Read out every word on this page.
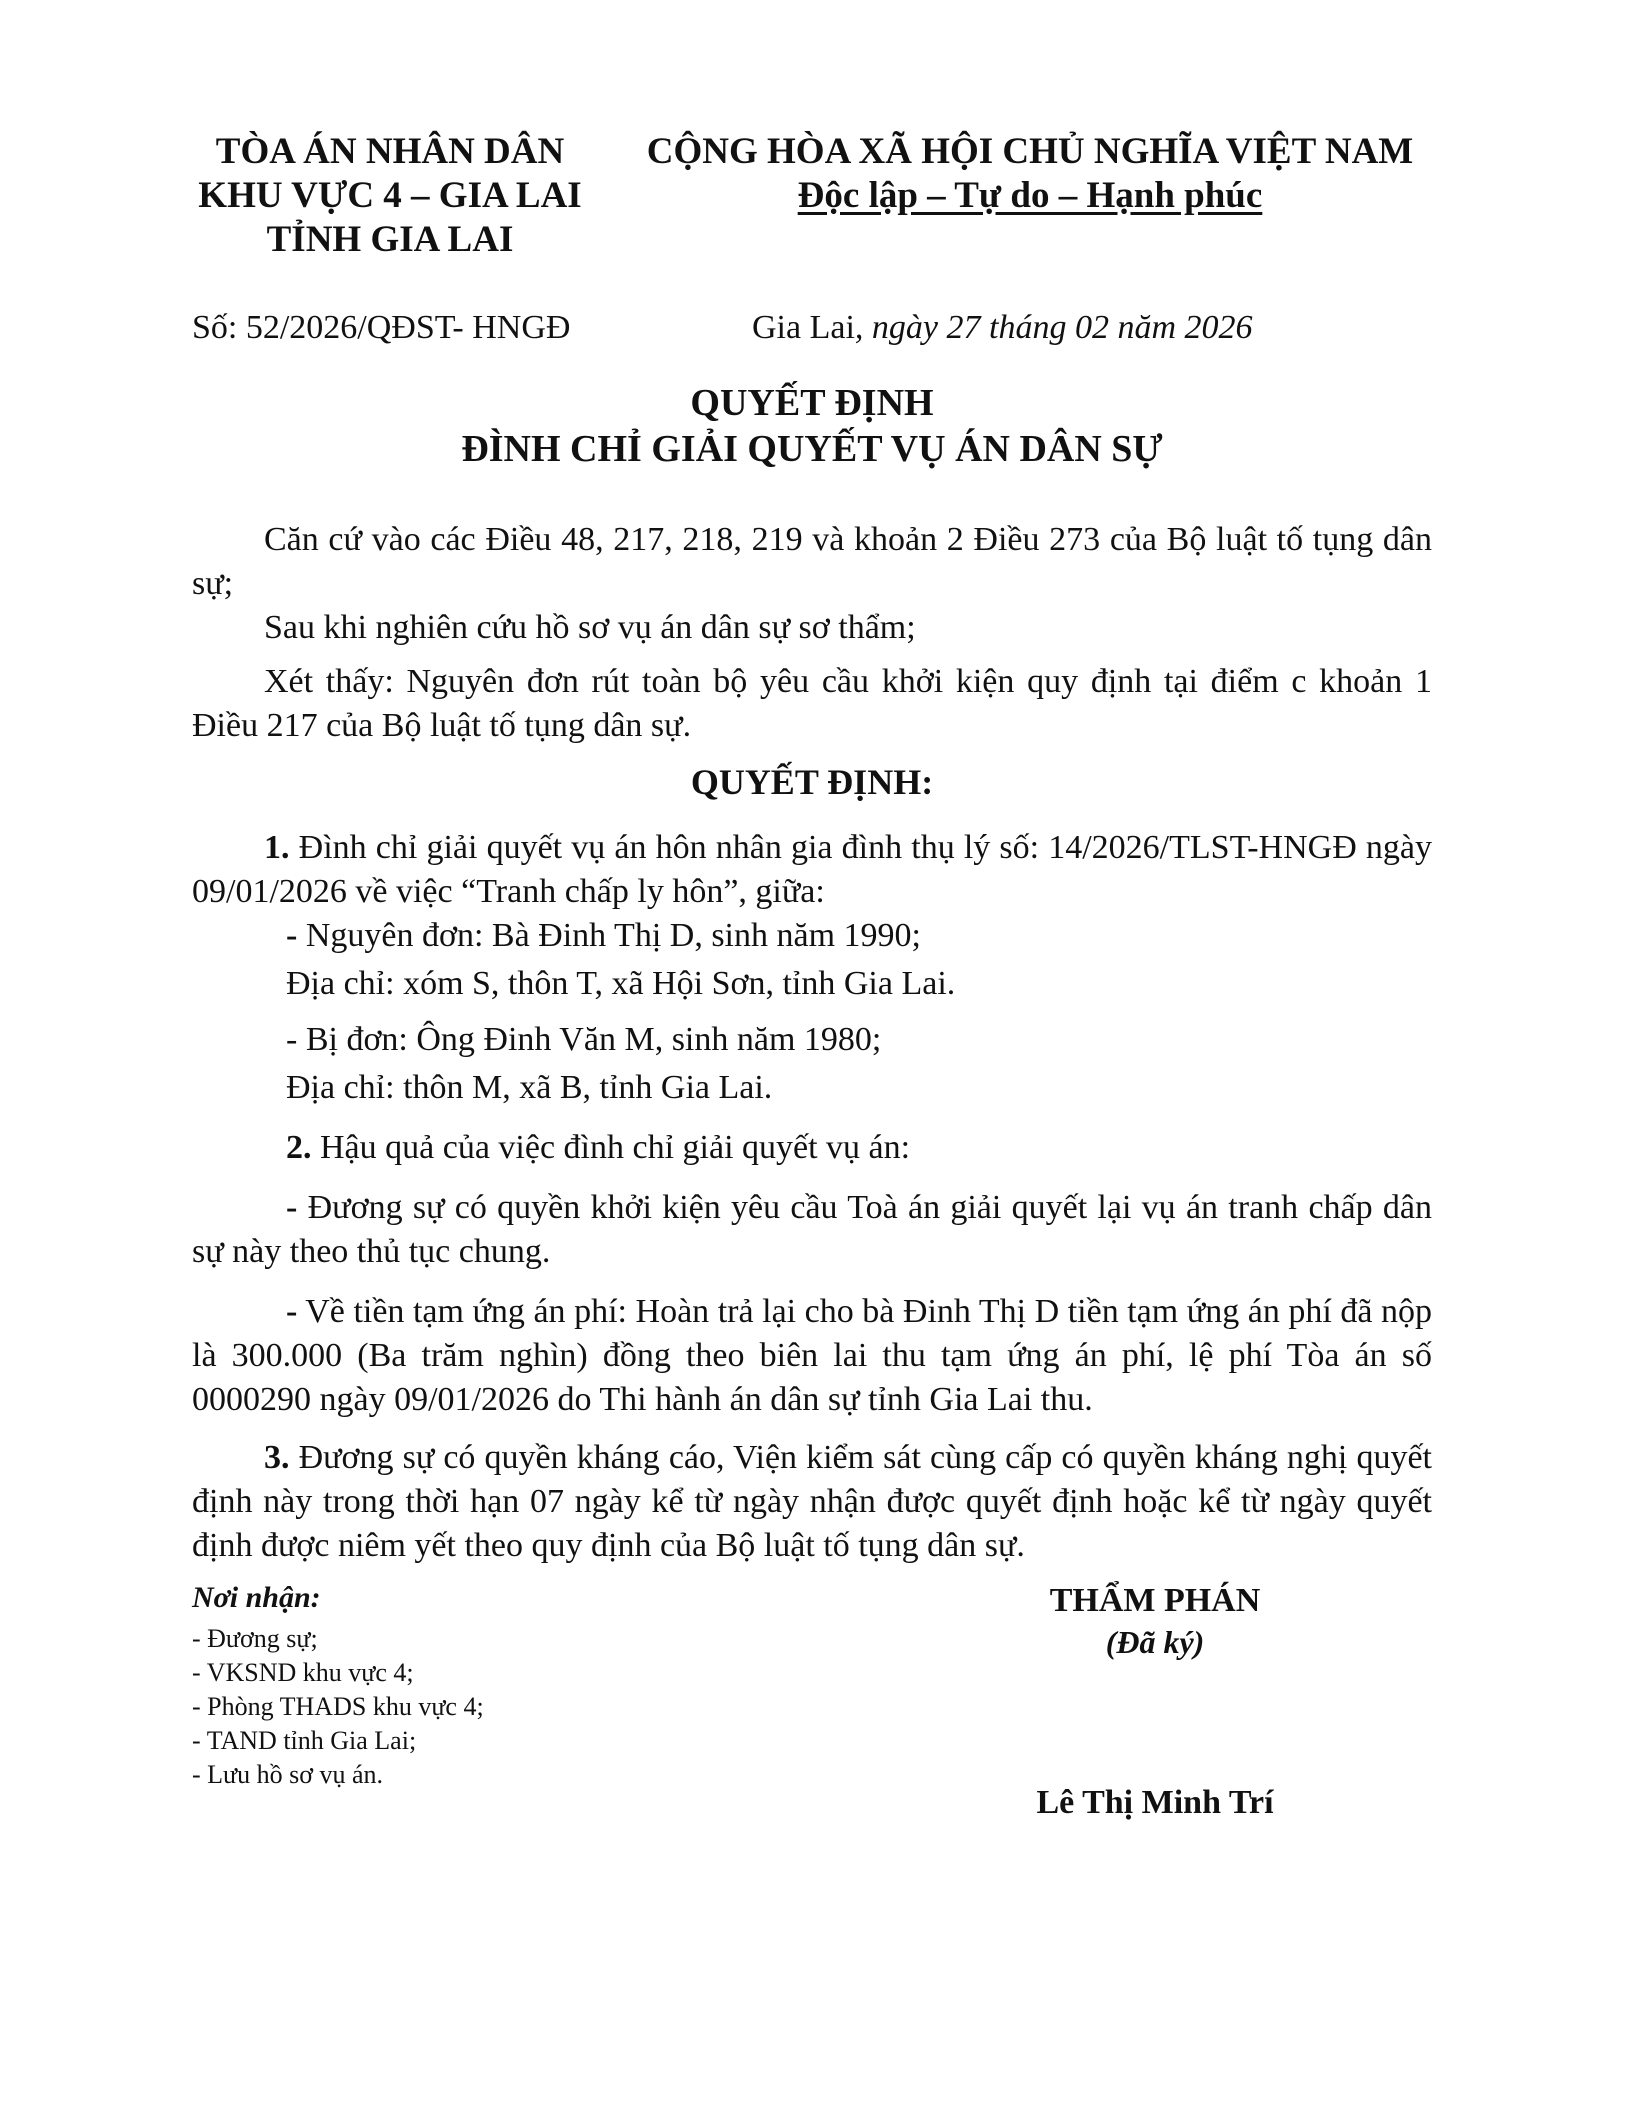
TÒA ÁN NHÂN DÂN
KHU VỰC 4 – GIA LAI
TỈNH GIA LAI
CỘNG HÒA XÃ HỘI CHỦ NGHĨA VIỆT NAM
Độc lập – Tự do – Hạnh phúc
Số: 52/2026/QĐST- HNGĐ	Gia Lai, ngày 27 tháng 02 năm 2026
QUYẾT ĐỊNH
ĐÌNH CHỈ GIẢI QUYẾT VỤ ÁN DÂN SỰ
Căn cứ vào các Điều 48, 217, 218, 219 và khoản 2 Điều 273 của Bộ luật tố tụng dân sự;
Sau khi nghiên cứu hồ sơ vụ án dân sự sơ thẩm;
Xét thấy: Nguyên đơn rút toàn bộ yêu cầu khởi kiện quy định tại điểm c khoản 1 Điều 217 của Bộ luật tố tụng dân sự.
QUYẾT ĐỊNH:
1. Đình chỉ giải quyết vụ án hôn nhân gia đình thụ lý số: 14/2026/TLST-HNGĐ ngày 09/01/2026 về việc “Tranh chấp ly hôn”, giữa:
- Nguyên đơn: Bà Đinh Thị D, sinh năm 1990;
Địa chỉ: xóm S, thôn T, xã Hội Sơn, tỉnh Gia Lai.
- Bị đơn: Ông Đinh Văn M, sinh năm 1980;
Địa chỉ: thôn M, xã B, tỉnh Gia Lai.
2. Hậu quả của việc đình chỉ giải quyết vụ án:
- Đương sự có quyền khởi kiện yêu cầu Toà án giải quyết lại vụ án tranh chấp dân sự này theo thủ tục chung.
- Về tiền tạm ứng án phí: Hoàn trả lại cho bà Đinh Thị D tiền tạm ứng án phí đã nộp là 300.000 (Ba trăm nghìn) đồng theo biên lai thu tạm ứng án phí, lệ phí Tòa án số 0000290 ngày 09/01/2026 do Thi hành án dân sự tỉnh Gia Lai thu.
3. Đương sự có quyền kháng cáo, Viện kiểm sát cùng cấp có quyền kháng nghị quyết định này trong thời hạn 07 ngày kể từ ngày nhận được quyết định hoặc kể từ ngày quyết định được niêm yết theo quy định của Bộ luật tố tụng dân sự.
Nơi nhận:
- Đương sự;
- VKSND khu vực 4;
- Phòng THADS khu vực 4;
- TAND tỉnh Gia Lai;
- Lưu hồ sơ vụ án.
THẨM PHÁN
(Đã ký)
Lê Thị Minh Trí
